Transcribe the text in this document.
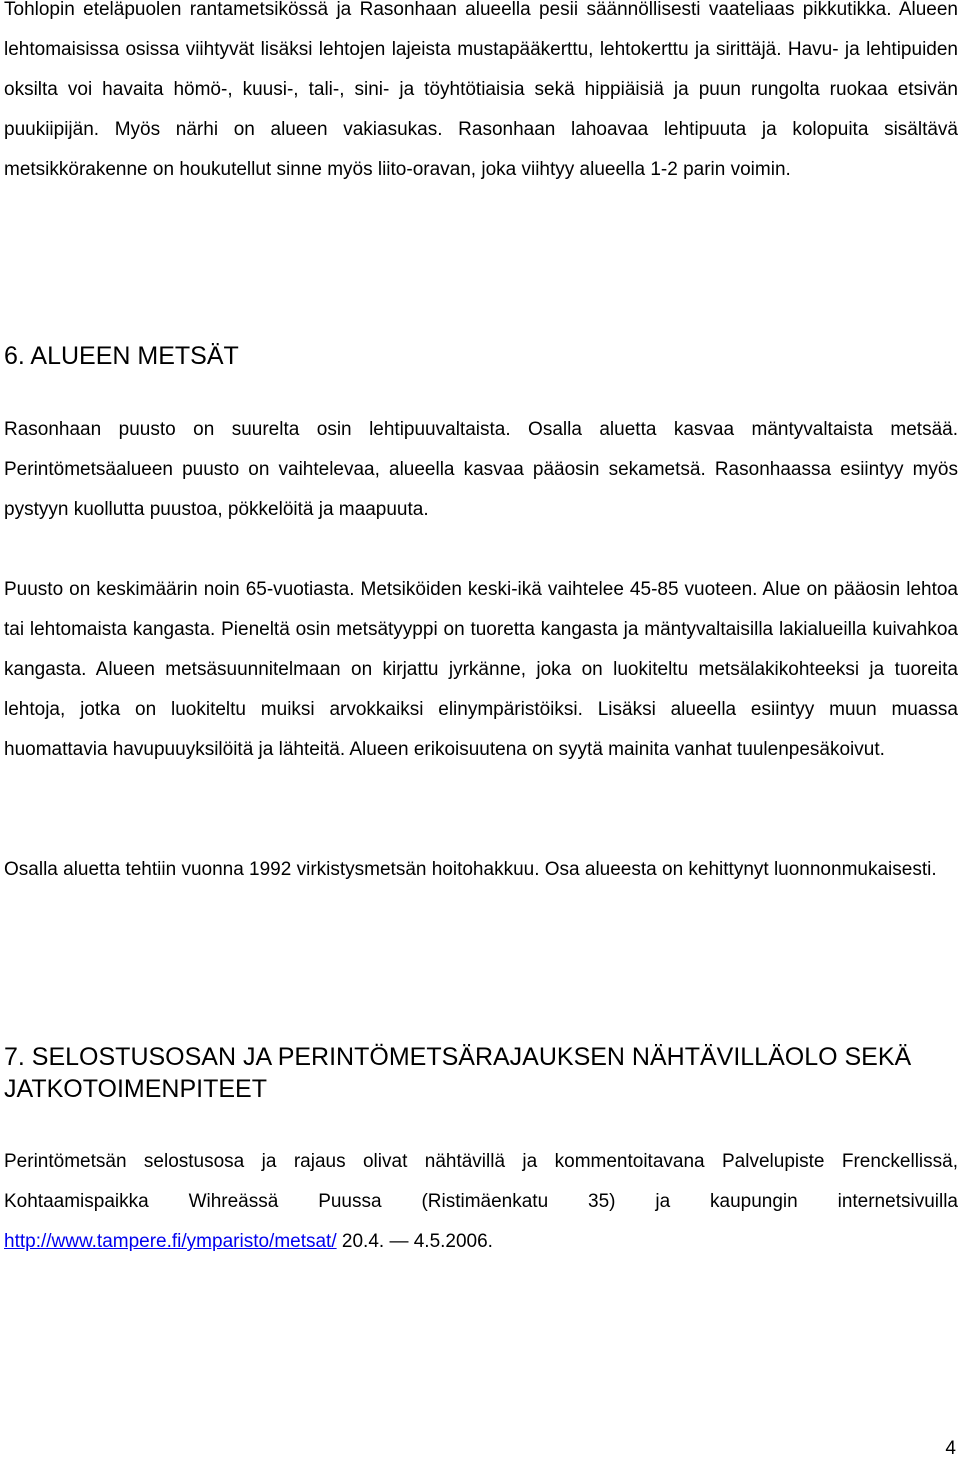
Tohlopin eteläpuolen rantametsikössä ja Rasonhaan alueella pesii säännöllisesti vaateliaas pikkutikka. Alueen lehtomaisissa osissa viihtyvät lisäksi lehtojen lajeista mustapääkerttu, lehtokerttu ja sirittäjä. Havu- ja lehtipuiden oksilta voi havaita hömö-, kuusi-, tali-, sini- ja töyhtötiaisia sekä hippiäisiä ja puun rungolta ruokaa etsivän puukiipijän. Myös närhi on alueen vakiasukas. Rasonhaan lahoavaa lehtipuuta ja kolopuita sisältävä metsikkörakenne on houkutellut sinne myös liito-oravan, joka viihtyy alueella 1-2 parin voimin.

6. ALUEEN METSÄT

Rasonhaan puusto on suurelta osin lehtipuuvaltaista. Osalla aluetta kasvaa mäntyvaltaista metsää. Perintömetsäalueen puusto on vaihtelevaa, alueella kasvaa pääosin sekametsä. Rasonhaassa esiintyy myös pystyyn kuollutta puustoa, pökkelöitä ja maapuuta.

Puusto on keskimäärin noin 65-vuotiasta. Metsiköiden keski-ikä vaihtelee 45-85 vuoteen. Alue on pääosin lehtoa tai lehtomaista kangasta. Pieneltä osin metsätyyppi on tuoretta kangasta ja mäntyvaltaisilla lakialueilla kuivahkoa kangasta. Alueen metsäsuunnitelmaan on kirjattu jyrkänne, joka on luokiteltu metsälakikohteeksi ja tuoreita lehtoja, jotka on luokiteltu muiksi arvokkaiksi elinympäristöiksi. Lisäksi alueella esiintyy muun muassa huomattavia havupuuyksilöitä ja lähteitä. Alueen erikoisuutena on syytä mainita vanhat tuulenpesäkoivut.

Osalla aluetta tehtiin vuonna 1992 virkistysmetsän hoitohakkuu. Osa alueesta on kehittynyt luonnonmukaisesti.

7. SELOSTUSOSAN JA PERINTÖMETSÄRAJAUKSEN NÄHTÄVILLÄOLO SEKÄ JATKOTOIMENPITEET

Perintömetsän selostusosa ja rajaus olivat nähtävillä ja kommentoitavana Palvelupiste Frenckellissä, Kohtaamispaikka Wihreässä Puussa (Ristimäenkatu 35) ja kaupungin internetsivuilla http://www.tampere.fi/ymparisto/metsat/ 20.4. — 4.5.2006.

4
